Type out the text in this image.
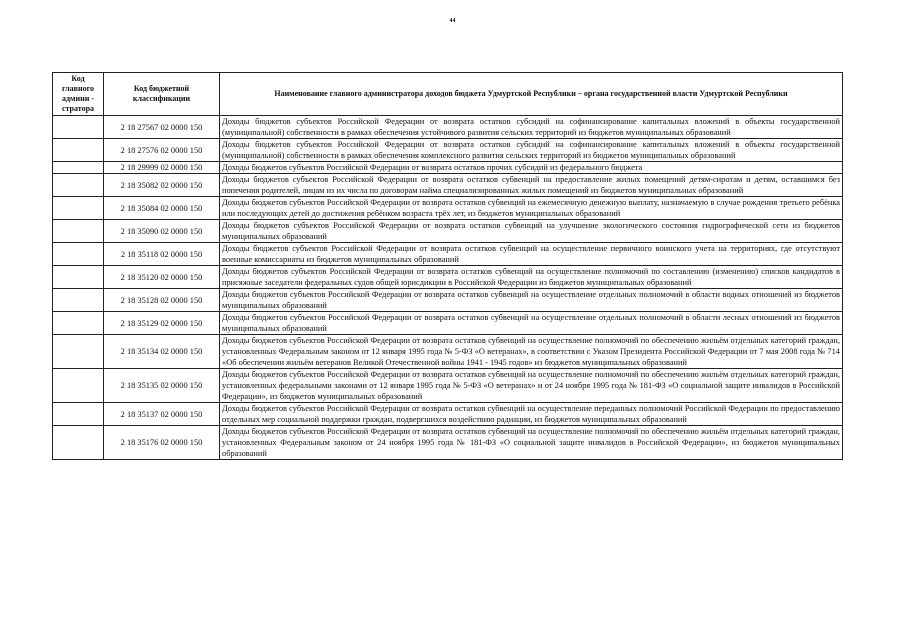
44
Код главного админи - стратора	Код бюджетной классификации	Наименование главного администратора доходов бюджета Удмуртской Республики – органа государственной власти Удмуртской Республики
	2 18 27567 02 0000 150	Доходы бюджетов субъектов Российской Федерации от возврата остатков субсидий на софинансирование капитальных вложений в объекты государственной (муниципальной) собственности в рамках обеспечения устойчивого развития сельских территорий из бюджетов муниципальных образований
	2 18 27576 02 0000 150	Доходы бюджетов субъектов Российской Федерации от возврата остатков субсидий на софинансирование капитальных вложений в объекты государственной (муниципальной) собственности в рамках обеспечения комплексного развития сельских территорий из бюджетов муниципальных образований
	2 18 29999 02 0000 150	Доходы бюджетов субъектов Российской Федерации от возврата остатков прочих субсидий из федерального бюджета
	2 18 35082 02 0000 150	Доходы бюджетов субъектов Российской Федерации от возврата остатков субвенций на предоставление жилых помещений детям-сиротам и детям, оставшимся без попечения родителей, лицам из их числа по договорам найма специализированных жилых помещений из бюджетов муниципальных образований
	2 18 35084 02 0000 150	Доходы бюджетов субъектов Российской Федерации от возврата остатков субвенций на ежемесячную денежную выплату, назначаемую в случае рождения третьего ребёнка или последующих детей до достижения ребёнком возраста трёх лет, из бюджетов муниципальных образований
	2 18 35090 02 0000 150	Доходы бюджетов субъектов Российской Федерации от возврата остатков субвенций на улучшение экологического состояния гидрографической сети из бюджетов муниципальных образований
	2 18 35118 02 0000 150	Доходы бюджетов субъектов Российской Федерации от возврата остатков субвенций на осуществление первичного воинского учета на территориях, где отсутствуют военные комиссариаты из бюджетов муниципальных образований
	2 18 35120 02 0000 150	Доходы бюджетов субъектов Российской Федерации от возврата остатков субвенций на осуществление полномочий по составлению (изменению) списков кандидатов в присяжные заседатели федеральных судов общей юрисдикции в Российской Федерации из бюджетов муниципальных образований
	2 18 35128 02 0000 150	Доходы бюджетов субъектов Российской Федерации от возврата остатков субвенций на осуществление отдельных полномочий в области водных отношений из бюджетов муниципальных образований
	2 18 35129 02 0000 150	Доходы бюджетов субъектов Российской Федерации от возврата остатков субвенций на осуществление отдельных полномочий в области лесных отношений из бюджетов муниципальных образований
	2 18 35134 02 0000 150	Доходы бюджетов субъектов Российской Федерации от возврата остатков субвенций на осуществление полномочий по обеспечению жильём отдельных категорий граждан, установленных Федеральным законом от 12 января 1995 года № 5-ФЗ «О ветеранах», в соответствии с Указом Президента Российской Федерации от 7 мая 2008 года № 714 «Об обеспечении жильём ветеранов Великой Отечественной войны 1941 - 1945 годов» из бюджетов муниципальных образований
	2 18 35135 02 0000 150	Доходы бюджетов субъектов Российской Федерации от возврата остатков субвенций на осуществление полномочий по обеспечению жильём отдельных категорий граждан, установленных федеральными законами от 12 января 1995 года № 5-ФЗ «О ветеранах» и от 24 ноября 1995 года № 181-ФЗ «О социальной защите инвалидов в Российской Федерации», из бюджетов муниципальных образований
	2 18 35137 02 0000 150	Доходы бюджетов субъектов Российской Федерации от возврата остатков субвенций на осуществление переданных полномочий Российской Федерации по предоставлению отдельных мер социальной поддержки граждан, подвергшихся воздействию радиации, из бюджетов муниципальных образований
	2 18 35176 02 0000 150	Доходы бюджетов субъектов Российской Федерации от возврата остатков субвенций на осуществление полномочий по обеспечению жильём отдельных категорий граждан, установленных Федеральным законом от 24 ноября 1995 года № 181-ФЗ «О социальной защите инвалидов в Российской Федерации», из бюджетов муниципальных образований
